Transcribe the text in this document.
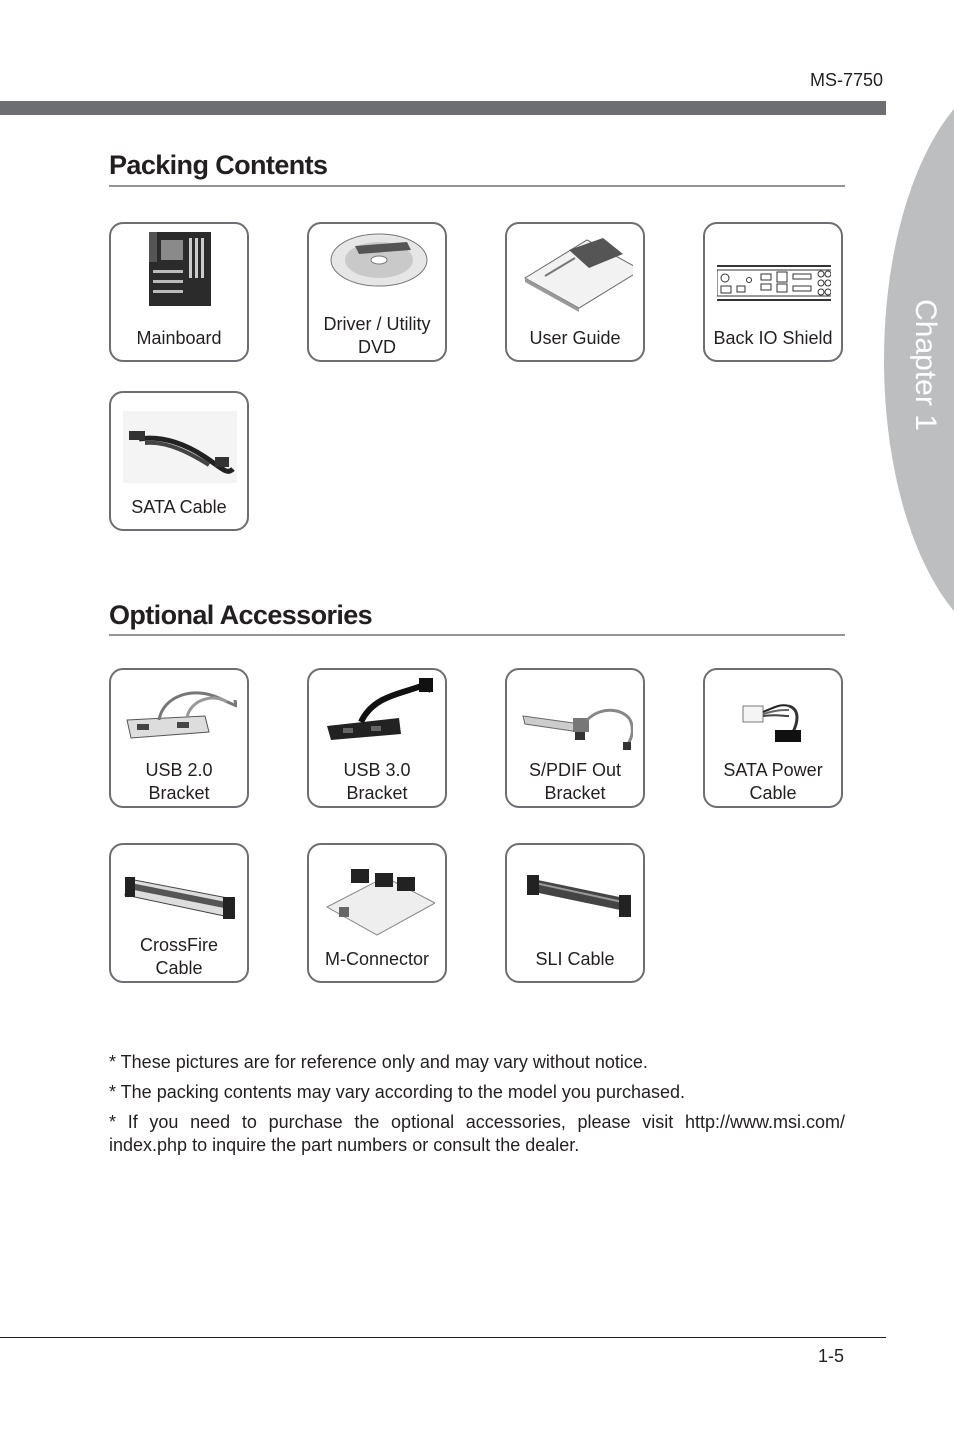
Chapter 1
MS-7750
Packing Contents
Mainboard
Driver / Utility
DVD	User Guide	Back IO Shield
SATA Cable
Optional Accessories
USB 2.0
Bracket
USB 3.0
Bracket
S/PDIF Out
Bracket
SATA Power
Cable
CrossFire
Cable	M-Connector	SLI Cable

* These pictures are for reference only and may vary without notice.

* The packing contents may vary according to the model you purchased.

* If you need to purchase the optional accessories, please visit http://www.msi.com/ index.php to inquire the part numbers or consult the dealer.

1-5
